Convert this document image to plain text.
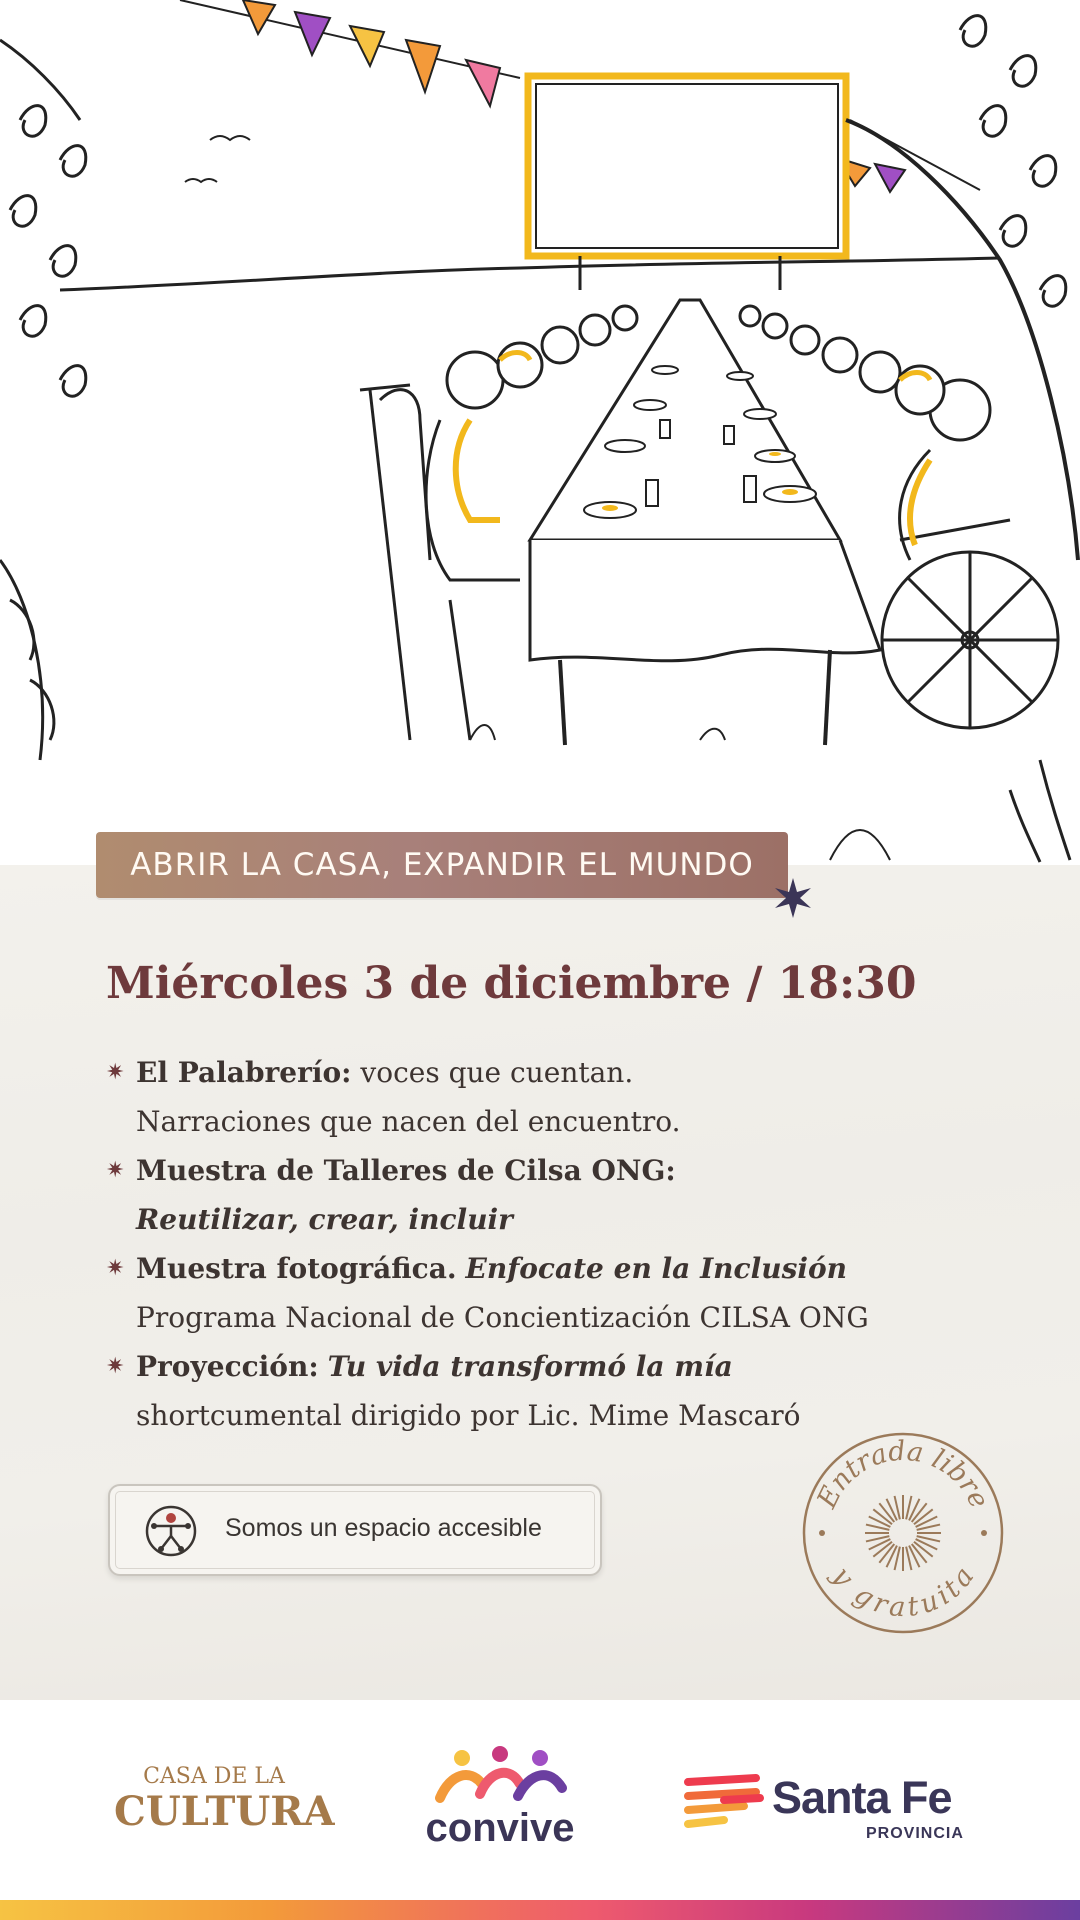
ABRIR LA CASA, EXPANDIR EL MUNDO
Miércoles 3 de diciembre / 18:30
✷ El Palabrerío: voces que cuentan.
Narraciones que nacen del encuentro.
✷ Muestra de Talleres de Cilsa ONG:
Reutilizar, crear, incluir
✷ Muestra fotográfica. Enfocate en la Inclusión
Programa Nacional de Concientización CILSA ONG
✷ Proyección: Tu vida transformó la mía
shortcumental dirigido por Lic. Mime Mascaró
Somos un espacio accesible
Entrada libre
y gratuita
CASA DE LA
CULTURA convive
Santa Fe
PROVINCIA
